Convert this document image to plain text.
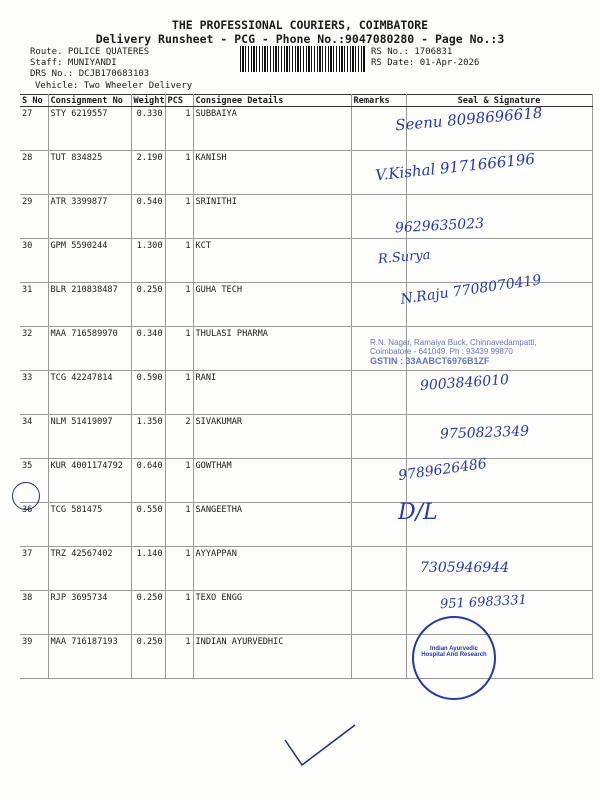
THE PROFESSIONAL COURIERS, COIMBATORE
Delivery Runsheet - PCG - Phone No.:9047080280 - Page No.:3
Route. POLICE QUATERES
Staff: MUNIYANDI
DRS No.: DCJB170683103
Vehicle: Two Wheeler Delivery
RS No.: 1706831
RS Date: 01-Apr-2026
S No	Consignment No	Weight	PCS	Consignee Details	Remarks	Seal & Signature
27	STY 6219557	0.330	1	SUBBAIYA		
28	TUT 834825	2.190	1	KANISH		
29	ATR 3399877	0.540	1	SRINITHI		
30	GPM 5590244	1.300	1	KCT		
31	BLR 210838487	0.250	1	GUHA TECH		
32	MAA 716589970	0.340	1	THULASI PHARMA		
33	TCG 42247814	0.590	1	RANI		
34	NLM 51419097	1.350	2	SIVAKUMAR		
35	KUR 4001174792	0.640	1	GOWTHAM		
36	TCG 581475	0.550	1	SANGEETHA		
37	TRZ 42567402	1.140	1	AYYAPPAN		
38	RJP 3695734	0.250	1	TEXO ENGG		
39	MAA 716187193	0.250	1	INDIAN AYURVEDHIC		
Seenu 8098696618
V.Kishal 9171666196
9629635023
R.Surya
N.Raju 7708070419
R.N. Nagar, Ramaiya Buck, Chinnavedampatti,
Coimbatore - 641049. Ph : 93439 99870
GSTIN : 33AABCT6976B1ZF
9003846010
9750823349
9789626486
D/L
7305946944
951 6983331
Indian Ayurvedic Hospital And Research
